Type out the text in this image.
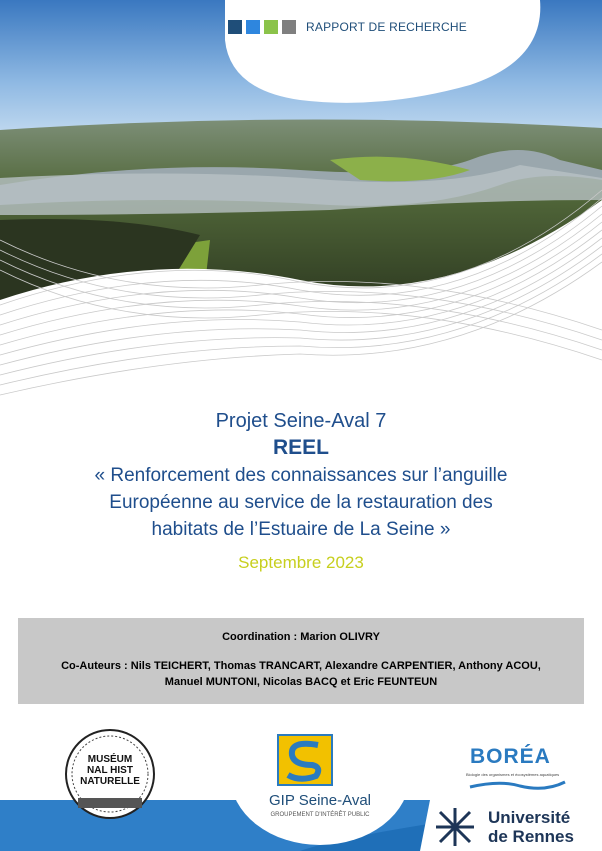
RAPPORT DE RECHERCHE
Projet Seine-Aval 7
REEL
« Renforcement des connaissances sur l’anguille
Européenne au service de la restauration des
habitats de l’Estuaire de La Seine »
Septembre 2023
Coordination : Marion OLIVRY
Co-Auteurs : Nils TEICHERT, Thomas TRANCART, Alexandre CARPENTIER, Anthony ACOU,
Manuel MUNTONI, Nicolas BACQ et Eric FEUNTEUN
MUSÉUM
NAL HIST
NATURELLE
GIP Seine-Aval
GROUPEMENT D'INTÉRÊT PUBLIC
BORÉA
Biologie des organismes et écosystèmes aquatiques
Université
de Rennes
